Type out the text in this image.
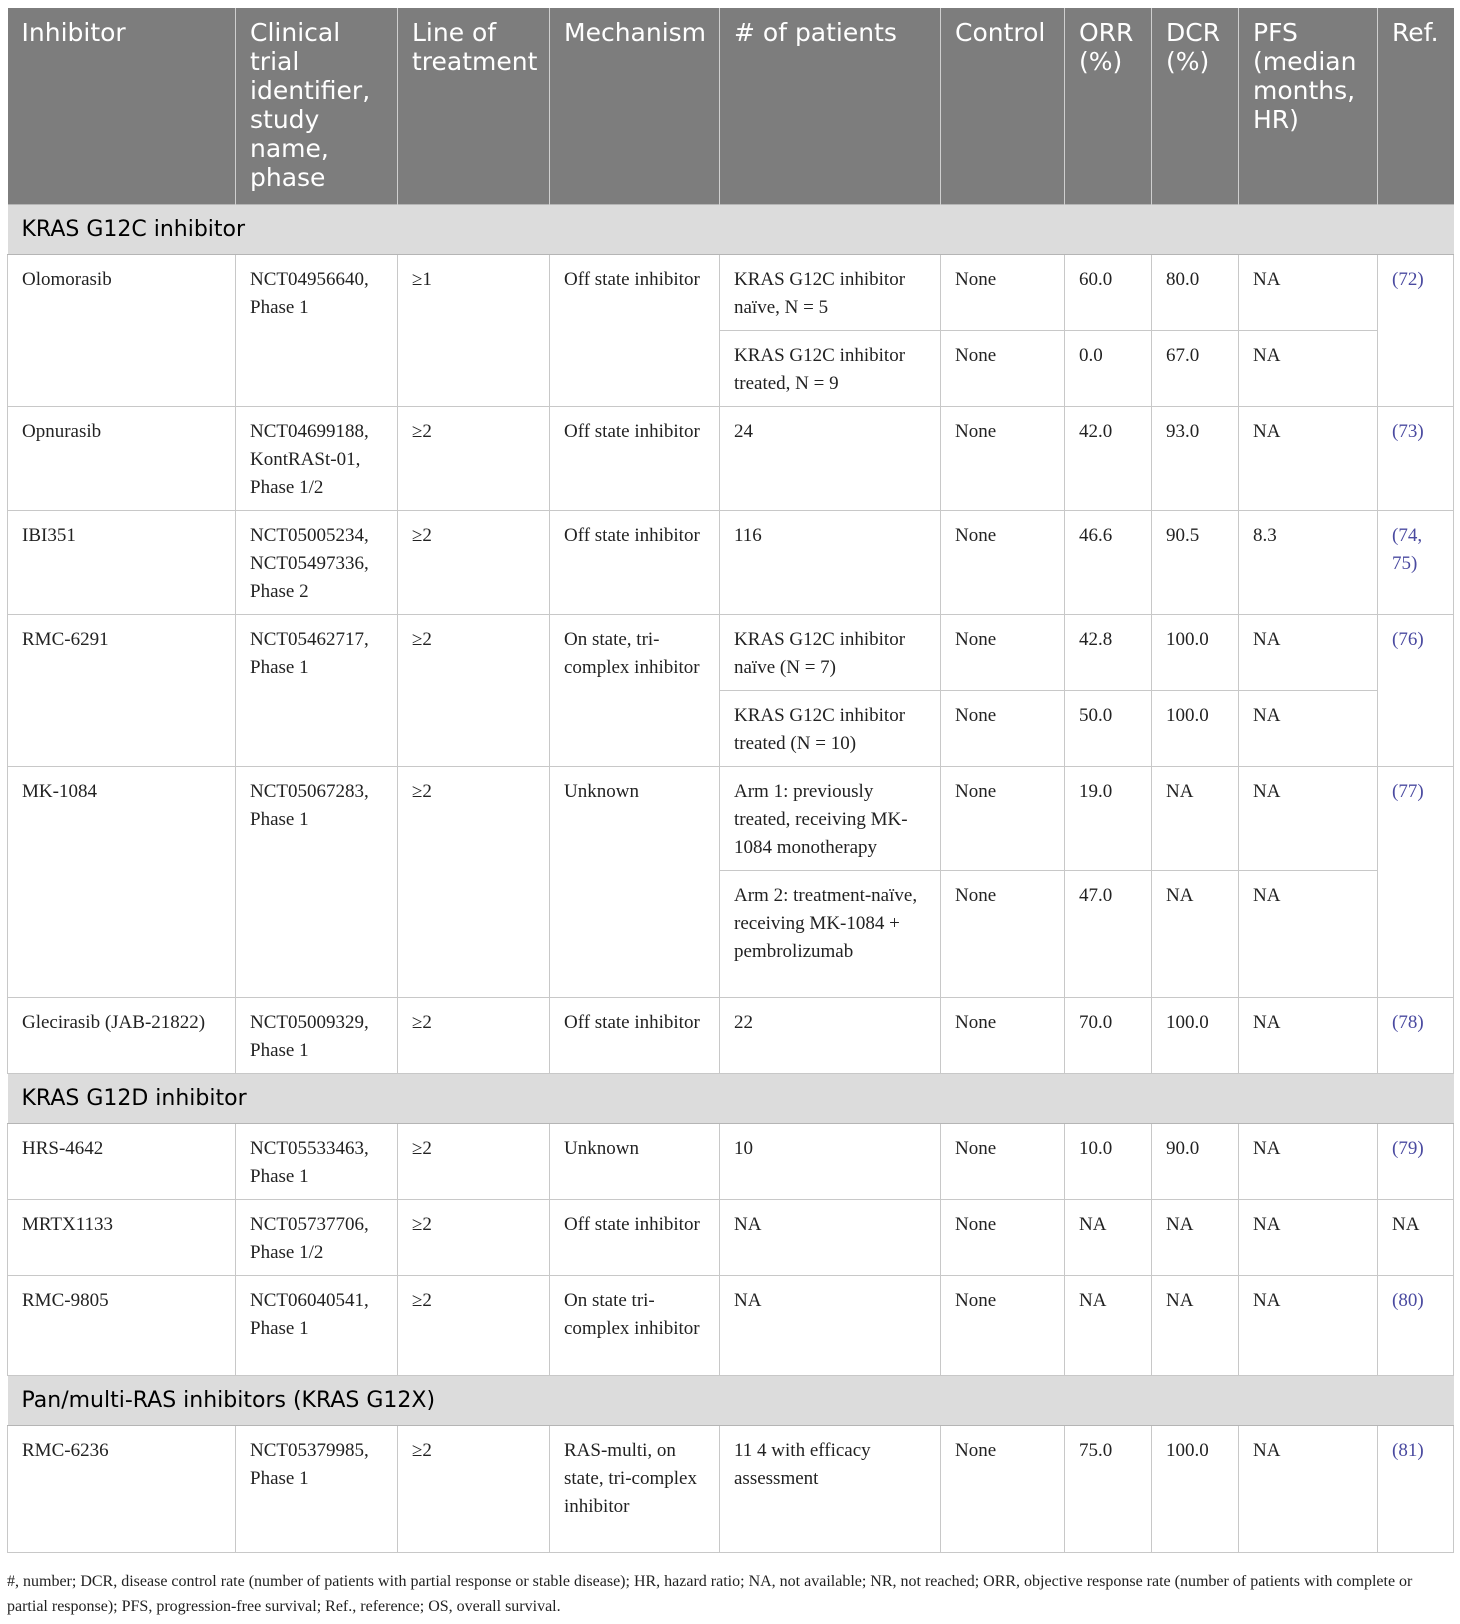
Inhibitor	Clinical trial identifier, study name, phase	Line of treatment	Mechanism	# of patients	Control	ORR (%)	DCR (%)	PFS (median months, HR)	Ref.
KRAS G12C inhibitor									
Olomorasib	NCT04956640, Phase 1	≥1	Off state inhibitor	KRAS G12C inhibitor naïve, N = 5	None	60.0	80.0	NA	(72)
				KRAS G12C inhibitor treated, N = 9	None	0.0	67.0	NA	
Opnurasib	NCT04699188, KontRASt-01, Phase 1/2	≥2	Off state inhibitor	24	None	42.0	93.0	NA	(73)
IBI351	NCT05005234, NCT05497336, Phase 2	≥2	Off state inhibitor	116	None	46.6	90.5	8.3	(74, 75)
RMC-6291	NCT05462717, Phase 1	≥2	On state, tri-complex inhibitor	KRAS G12C inhibitor naïve (N = 7)	None	42.8	100.0	NA	(76)
				KRAS G12C inhibitor treated (N = 10)	None	50.0	100.0	NA	
MK-1084	NCT05067283, Phase 1	≥2	Unknown	Arm 1: previously treated, receiving MK-1084 monotherapy	None	19.0	NA	NA	(77)
				Arm 2: treatment-naïve, receiving MK-1084 + pembrolizumab	None	47.0	NA	NA	
Glecirasib (JAB-21822)	NCT05009329, Phase 1	≥2	Off state inhibitor	22	None	70.0	100.0	NA	(78)
KRAS G12D inhibitor									
HRS-4642	NCT05533463, Phase 1	≥2	Unknown	10	None	10.0	90.0	NA	(79)
MRTX1133	NCT05737706, Phase 1/2	≥2	Off state inhibitor	NA	None	NA	NA	NA	NA
RMC-9805	NCT06040541, Phase 1	≥2	On state tri-complex inhibitor	NA	None	NA	NA	NA	(80)
Pan/multi-RAS inhibitors (KRAS G12X)									
RMC-6236	NCT05379985, Phase 1	≥2	RAS-multi, on state, tri-complex inhibitor	11 4 with efficacy assessment	None	75.0	100.0	NA	(81)
#, number; DCR, disease control rate (number of patients with partial response or stable disease); HR, hazard ratio; NA, not available; NR, not reached; ORR, objective response rate (number of patients with complete or partial response); PFS, progression-free survival; Ref., reference; OS, overall survival.
